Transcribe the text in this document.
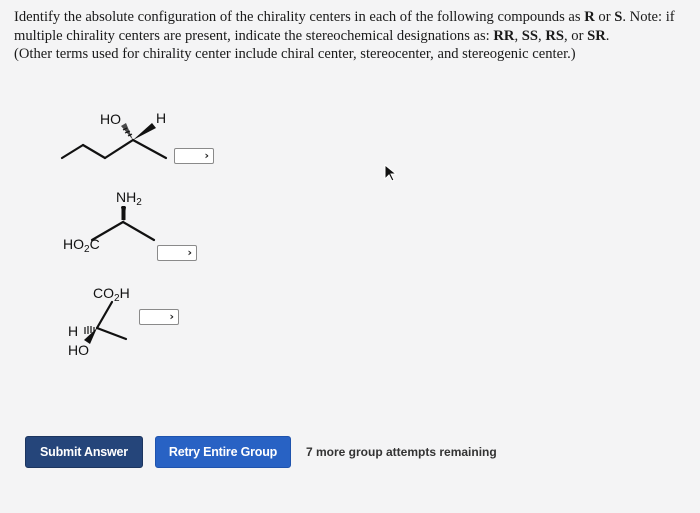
Identify the absolute configuration of the chirality centers in each of the following compounds as R or S. Note: if multiple chirality centers are present, indicate the stereochemical designations as: RR, SS, RS, or SR.

(Other terms used for chirality center include chiral center, stereocenter, and stereogenic center.)

HO	H
$NH_2$
$HO_2C$
$CO_2H$
H
HO
›
›
›
Submit Answer	Retry Entire Group	7 more group attempts remaining
